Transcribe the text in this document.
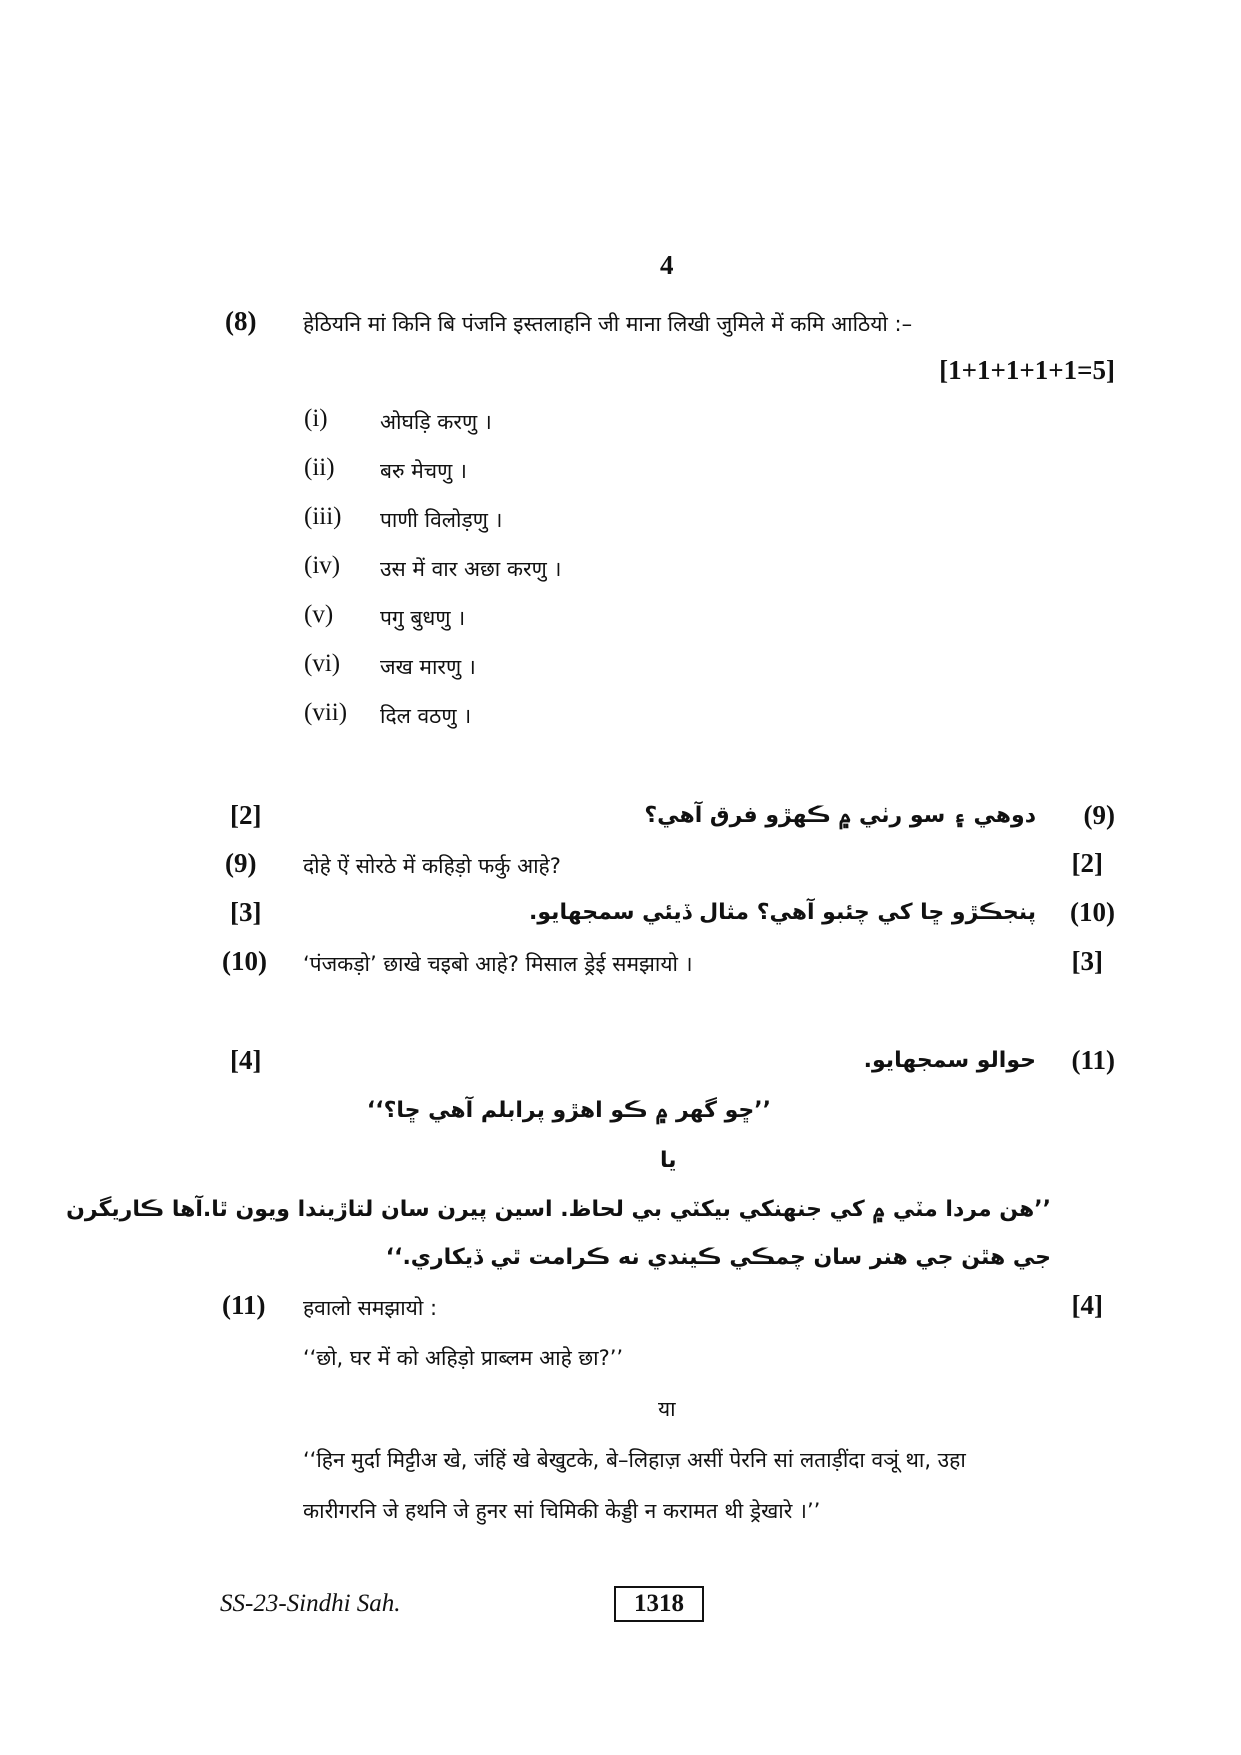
4
(8) हेठियनि मां किनि बि पंजनि इस्तलाहनि जी माना लिखी जुमिले में कमि आठियो :–
[1+1+1+1+1=5]
(i) ओघड़ि करणु ।
(ii) बरु मेचणु ।
(iii) पाणी विलोड़णु ।
(iv) उस में वार अछा करणु ।
(v) पगु बुधणु ।
(vi) जख मारणु ।
(vii) दिल वठणु ।
[2]	دوهي ۽ سو رٺي ۾ ڪهڙو فرق آهي؟ (9)
(9) दोहे ऐं सोरठे में कहिड़ो फर्कु आहे?	[2]
[3]	پنجڪڙو ڇا کي چئبو آهي؟ مثال ڏيئي سمجهايو. (10)
(10) ‘पंजकड़ो’ छाखे चइबो आहे? मिसाल ड्रेई समझायो ।	[3]
[4]	حوالو سمجهايو. (11)
’’ڇو گهر ۾ ڪو اهڙو پرابلم آهي ڇا؟‘‘
يا
’’هن مردا مٽي ۾ کي جنهنکي بيکٽي بي لحاظ. اسين پيرن سان لتاڙيندا ويون ٿا.آها ڪاريگرن
جي هٿن جي هنر سان چمڪي ڪيندي نه ڪرامت ٿي ڏيکاري.‘‘
(11) हवालो समझायो :	[4]
‘‘छो, घर में को अहिड़ो प्राब्लम आहे छा?’’
या
‘‘हिन मुर्दा मिट्टीअ खे, जंहिं खे बेखुटके, बे–लिहाज़ असीं पेरनि सां लताड़ींदा वञूं था, उहा
कारीगरनि जे हथनि जे हुनर सां चिमिकी केड्डी न करामत थी ड्रेखारे ।’’
SS-23-Sindhi Sah.	1318
